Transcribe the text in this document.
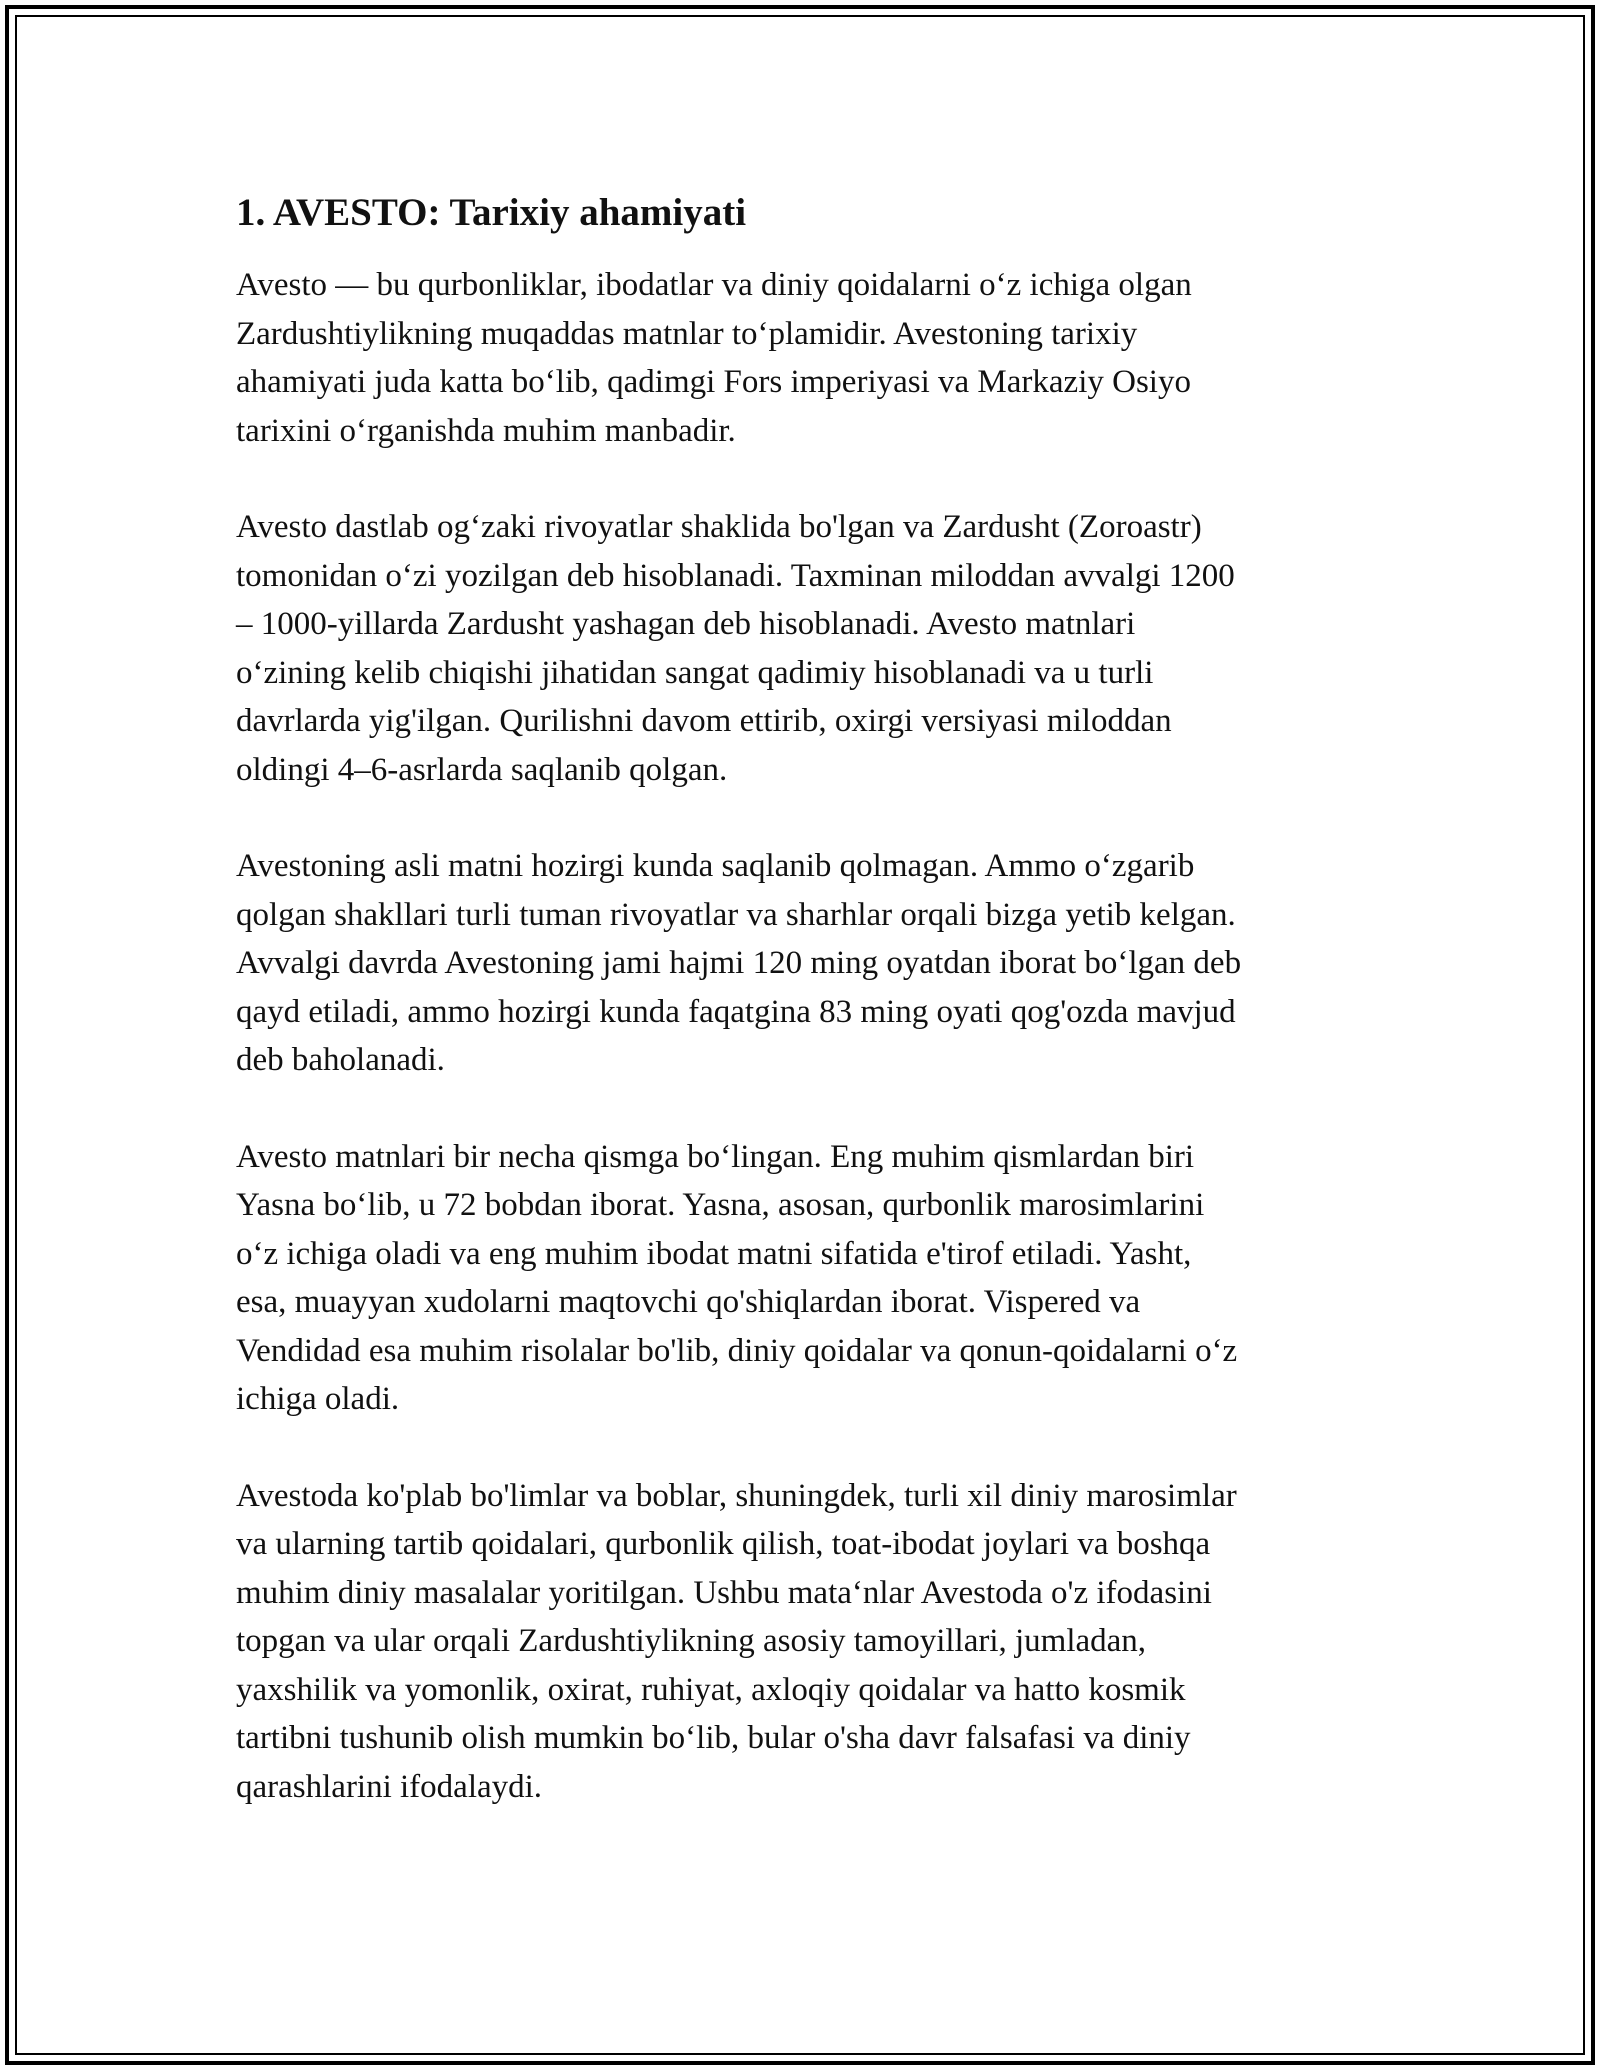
1. AVESTO: Tarixiy ahamiyati

Avesto — bu qurbonliklar, ibodatlar va diniy qoidalarni o‘z ichiga olgan
Zardushtiylikning muqaddas matnlar to‘plamidir. Avestoning tarixiy
ahamiyati juda katta bo‘lib, qadimgi Fors imperiyasi va Markaziy Osiyo
tarixini o‘rganishda muhim manbadir.

Avesto dastlab og‘zaki rivoyatlar shaklida bo'lgan va Zardusht (Zoroastr)
tomonidan o‘zi yozilgan deb hisoblanadi. Taxminan miloddan avvalgi 1200
– 1000-yillarda Zardusht yashagan deb hisoblanadi. Avesto matnlari
o‘zining kelib chiqishi jihatidan sangat qadimiy hisoblanadi va u turli
davrlarda yig'ilgan. Qurilishni davom ettirib, oxirgi versiyasi miloddan
oldingi 4–6-asrlarda saqlanib qolgan.

Avestoning asli matni hozirgi kunda saqlanib qolmagan. Ammo o‘zgarib
qolgan shakllari turli tuman rivoyatlar va sharhlar orqali bizga yetib kelgan.
Avvalgi davrda Avestoning jami hajmi 120 ming oyatdan iborat bo‘lgan deb
qayd etiladi, ammo hozirgi kunda faqatgina 83 ming oyati qog'ozda mavjud
deb baholanadi.

Avesto matnlari bir necha qismga bo‘lingan. Eng muhim qismlardan biri
Yasna bo‘lib, u 72 bobdan iborat. Yasna, asosan, qurbonlik marosimlarini
o‘z ichiga oladi va eng muhim ibodat matni sifatida e'tirof etiladi. Yasht,
esa, muayyan xudolarni maqtovchi qo'shiqlardan iborat. Vispered va
Vendidad esa muhim risolalar bo'lib, diniy qoidalar va qonun-qoidalarni o‘z
ichiga oladi.

Avestoda ko'plab bo'limlar va boblar, shuningdek, turli xil diniy marosimlar
va ularning tartib qoidalari, qurbonlik qilish, toat-ibodat joylari va boshqa
muhim diniy masalalar yoritilgan. Ushbu mata‘nlar Avestoda o'z ifodasini
topgan va ular orqali Zardushtiylikning asosiy tamoyillari, jumladan,
yaxshilik va yomonlik, oxirat, ruhiyat, axloqiy qoidalar va hatto kosmik
tartibni tushunib olish mumkin bo‘lib, bular o'sha davr falsafasi va diniy
qarashlarini ifodalaydi.
